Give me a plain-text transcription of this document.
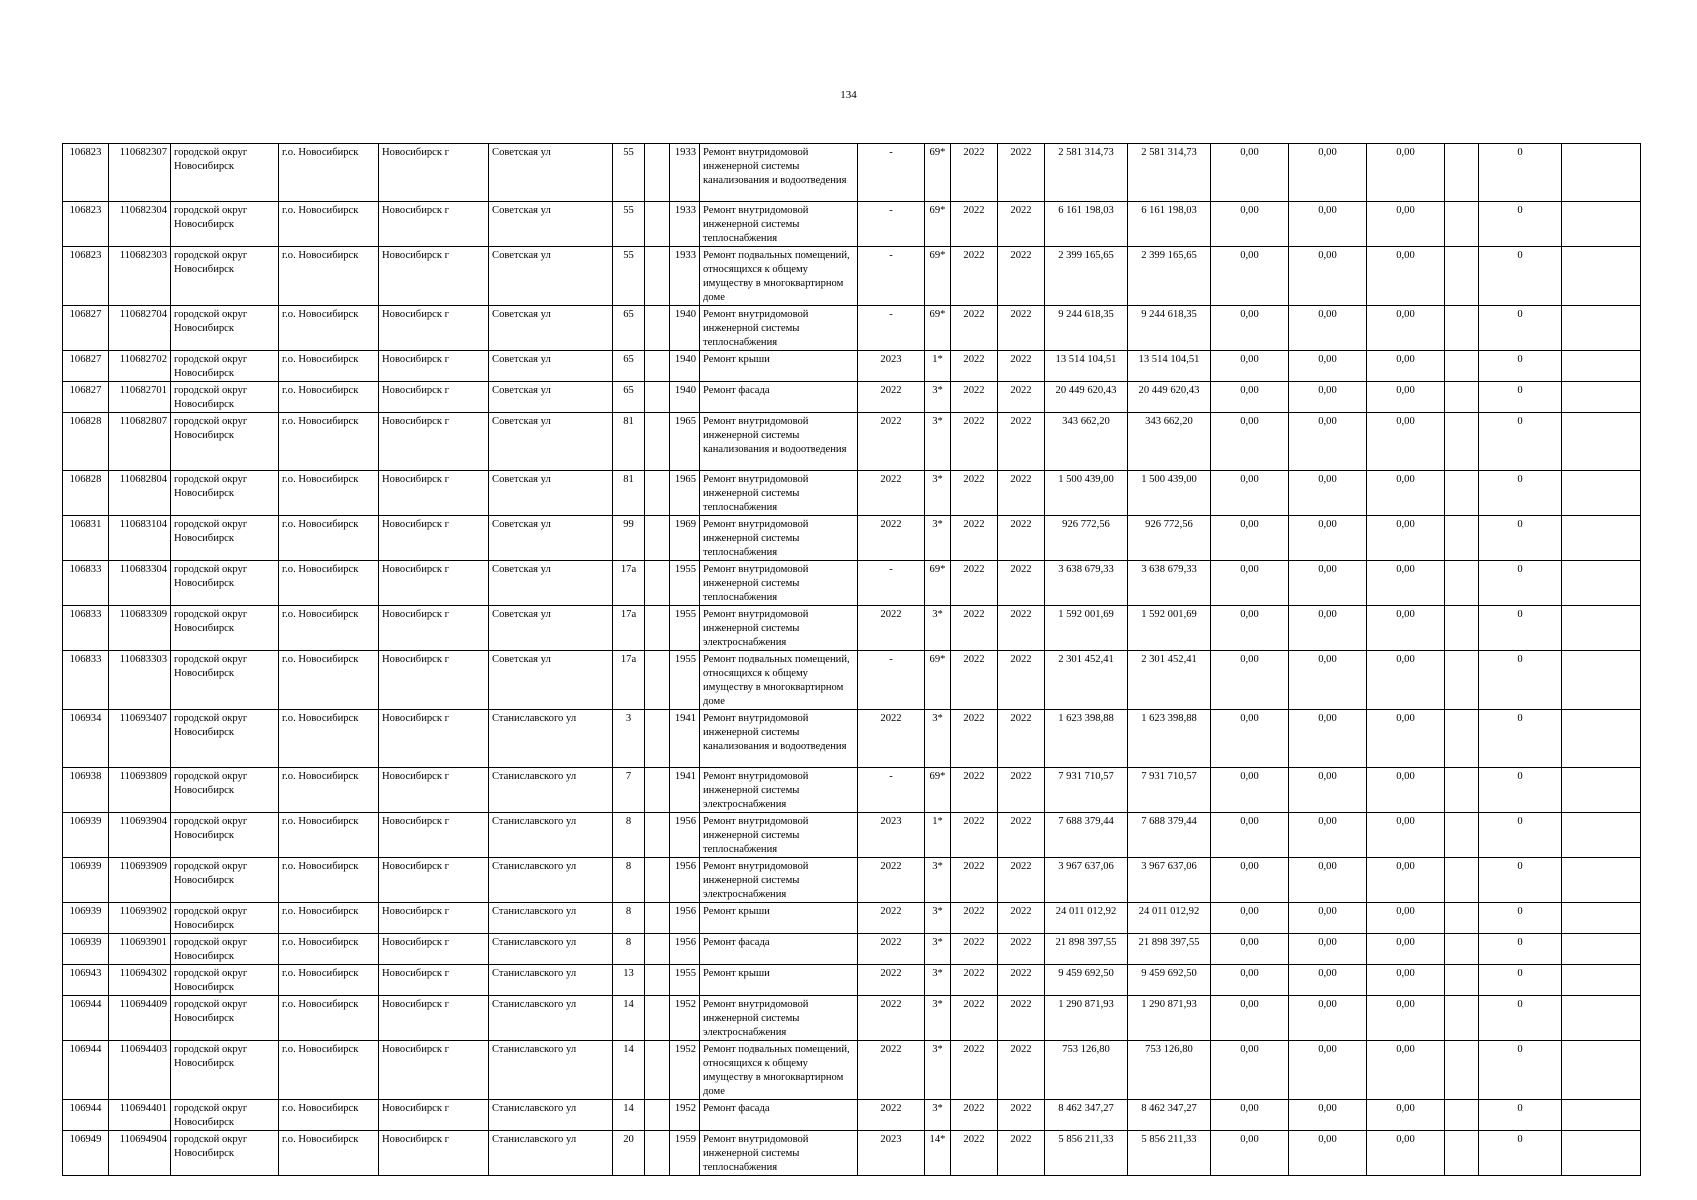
134
106823	110682307	городской округ Новосибирск	г.о. Новосибирск	Новосибирск г	Советская ул	55		1933	Ремонт внутридомовой инженерной системы канализования и водоотведения	-	69*	2022	2022	2 581 314,73	2 581 314,73	0,00	0,00	0,00		0	
106823	110682304	городской округ Новосибирск	г.о. Новосибирск	Новосибирск г	Советская ул	55		1933	Ремонт внутридомовой инженерной системы теплоснабжения	-	69*	2022	2022	6 161 198,03	6 161 198,03	0,00	0,00	0,00		0	
106823	110682303	городской округ Новосибирск	г.о. Новосибирск	Новосибирск г	Советская ул	55		1933	Ремонт подвальных помещений, относящихся к общему имуществу в многоквартирном доме	-	69*	2022	2022	2 399 165,65	2 399 165,65	0,00	0,00	0,00		0	
106827	110682704	городской округ Новосибирск	г.о. Новосибирск	Новосибирск г	Советская ул	65		1940	Ремонт внутридомовой инженерной системы теплоснабжения	-	69*	2022	2022	9 244 618,35	9 244 618,35	0,00	0,00	0,00		0	
106827	110682702	городской округ Новосибирск	г.о. Новосибирск	Новосибирск г	Советская ул	65		1940	Ремонт крыши	2023	1*	2022	2022	13 514 104,51	13 514 104,51	0,00	0,00	0,00		0	
106827	110682701	городской округ Новосибирск	г.о. Новосибирск	Новосибирск г	Советская ул	65		1940	Ремонт фасада	2022	3*	2022	2022	20 449 620,43	20 449 620,43	0,00	0,00	0,00		0	
106828	110682807	городской округ Новосибирск	г.о. Новосибирск	Новосибирск г	Советская ул	81		1965	Ремонт внутридомовой инженерной системы канализования и водоотведения	2022	3*	2022	2022	343 662,20	343 662,20	0,00	0,00	0,00		0	
106828	110682804	городской округ Новосибирск	г.о. Новосибирск	Новосибирск г	Советская ул	81		1965	Ремонт внутридомовой инженерной системы теплоснабжения	2022	3*	2022	2022	1 500 439,00	1 500 439,00	0,00	0,00	0,00		0	
106831	110683104	городской округ Новосибирск	г.о. Новосибирск	Новосибирск г	Советская ул	99		1969	Ремонт внутридомовой инженерной системы теплоснабжения	2022	3*	2022	2022	926 772,56	926 772,56	0,00	0,00	0,00		0	
106833	110683304	городской округ Новосибирск	г.о. Новосибирск	Новосибирск г	Советская ул	17а		1955	Ремонт внутридомовой инженерной системы теплоснабжения	-	69*	2022	2022	3 638 679,33	3 638 679,33	0,00	0,00	0,00		0	
106833	110683309	городской округ Новосибирск	г.о. Новосибирск	Новосибирск г	Советская ул	17а		1955	Ремонт внутридомовой инженерной системы электроснабжения	2022	3*	2022	2022	1 592 001,69	1 592 001,69	0,00	0,00	0,00		0	
106833	110683303	городской округ Новосибирск	г.о. Новосибирск	Новосибирск г	Советская ул	17а		1955	Ремонт подвальных помещений, относящихся к общему имуществу в многоквартирном доме	-	69*	2022	2022	2 301 452,41	2 301 452,41	0,00	0,00	0,00		0	
106934	110693407	городской округ Новосибирск	г.о. Новосибирск	Новосибирск г	Станиславского ул	3		1941	Ремонт внутридомовой инженерной системы канализования и водоотведения	2022	3*	2022	2022	1 623 398,88	1 623 398,88	0,00	0,00	0,00		0	
106938	110693809	городской округ Новосибирск	г.о. Новосибирск	Новосибирск г	Станиславского ул	7		1941	Ремонт внутридомовой инженерной системы электроснабжения	-	69*	2022	2022	7 931 710,57	7 931 710,57	0,00	0,00	0,00		0	
106939	110693904	городской округ Новосибирск	г.о. Новосибирск	Новосибирск г	Станиславского ул	8		1956	Ремонт внутридомовой инженерной системы теплоснабжения	2023	1*	2022	2022	7 688 379,44	7 688 379,44	0,00	0,00	0,00		0	
106939	110693909	городской округ Новосибирск	г.о. Новосибирск	Новосибирск г	Станиславского ул	8		1956	Ремонт внутридомовой инженерной системы электроснабжения	2022	3*	2022	2022	3 967 637,06	3 967 637,06	0,00	0,00	0,00		0	
106939	110693902	городской округ Новосибирск	г.о. Новосибирск	Новосибирск г	Станиславского ул	8		1956	Ремонт крыши	2022	3*	2022	2022	24 011 012,92	24 011 012,92	0,00	0,00	0,00		0	
106939	110693901	городской округ Новосибирск	г.о. Новосибирск	Новосибирск г	Станиславского ул	8		1956	Ремонт фасада	2022	3*	2022	2022	21 898 397,55	21 898 397,55	0,00	0,00	0,00		0	
106943	110694302	городской округ Новосибирск	г.о. Новосибирск	Новосибирск г	Станиславского ул	13		1955	Ремонт крыши	2022	3*	2022	2022	9 459 692,50	9 459 692,50	0,00	0,00	0,00		0	
106944	110694409	городской округ Новосибирск	г.о. Новосибирск	Новосибирск г	Станиславского ул	14		1952	Ремонт внутридомовой инженерной системы электроснабжения	2022	3*	2022	2022	1 290 871,93	1 290 871,93	0,00	0,00	0,00		0	
106944	110694403	городской округ Новосибирск	г.о. Новосибирск	Новосибирск г	Станиславского ул	14		1952	Ремонт подвальных помещений, относящихся к общему имуществу в многоквартирном доме	2022	3*	2022	2022	753 126,80	753 126,80	0,00	0,00	0,00		0	
106944	110694401	городской округ Новосибирск	г.о. Новосибирск	Новосибирск г	Станиславского ул	14		1952	Ремонт фасада	2022	3*	2022	2022	8 462 347,27	8 462 347,27	0,00	0,00	0,00		0	
106949	110694904	городской округ Новосибирск	г.о. Новосибирск	Новосибирск г	Станиславского ул	20		1959	Ремонт внутридомовой инженерной системы теплоснабжения	2023	14*	2022	2022	5 856 211,33	5 856 211,33	0,00	0,00	0,00		0	
